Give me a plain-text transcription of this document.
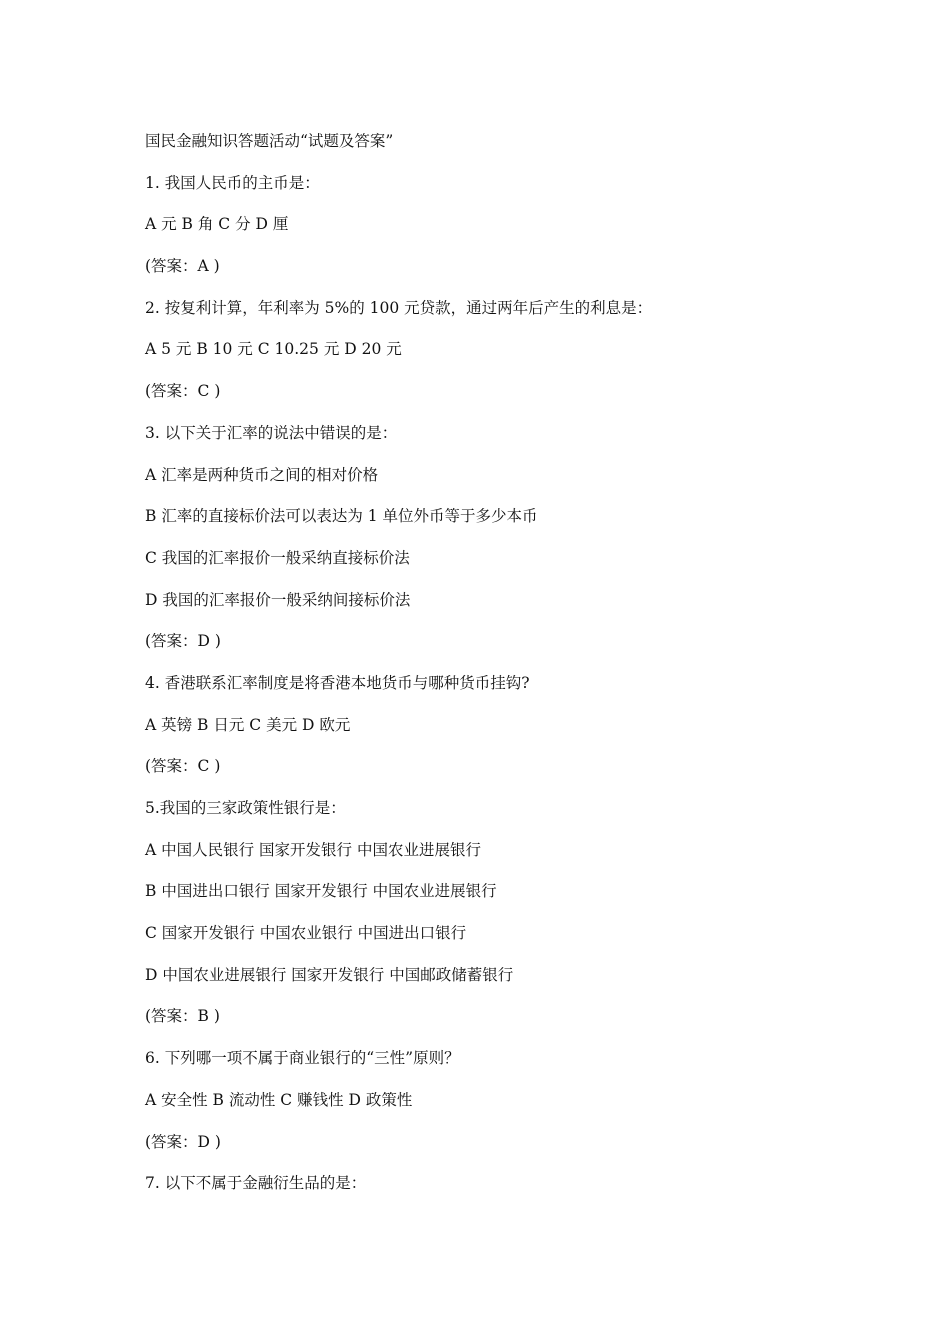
国民金融知识答题活动“试题及答案”
1. 我国人民币的主币是：
A 元 B 角 C 分 D 厘
(答案：A )
2. 按复利计算，年利率为 5%的 100 元贷款，通过两年后产生的利息是：
A 5 元 B 10 元 C 10.25 元 D 20 元
(答案：C )
3. 以下关于汇率的说法中错误的是：
A 汇率是两种货币之间的相对价格
B 汇率的直接标价法可以表达为 1 单位外币等于多少本币
C 我国的汇率报价一般采纳直接标价法
D 我国的汇率报价一般采纳间接标价法
(答案：D )
4. 香港联系汇率制度是将香港本地货币与哪种货币挂钩?
A 英镑 B 日元 C 美元 D 欧元
(答案：C )
5.我国的三家政策性银行是：
A 中国人民银行 国家开发银行 中国农业进展银行
B 中国进出口银行 国家开发银行 中国农业进展银行
C 国家开发银行 中国农业银行 中国进出口银行
D 中国农业进展银行 国家开发银行 中国邮政储蓄银行
(答案：B )
6. 下列哪一项不属于商业银行的“三性”原则？
A 安全性 B 流动性 C 赚钱性 D 政策性
(答案：D )
7. 以下不属于金融衍生品的是：
